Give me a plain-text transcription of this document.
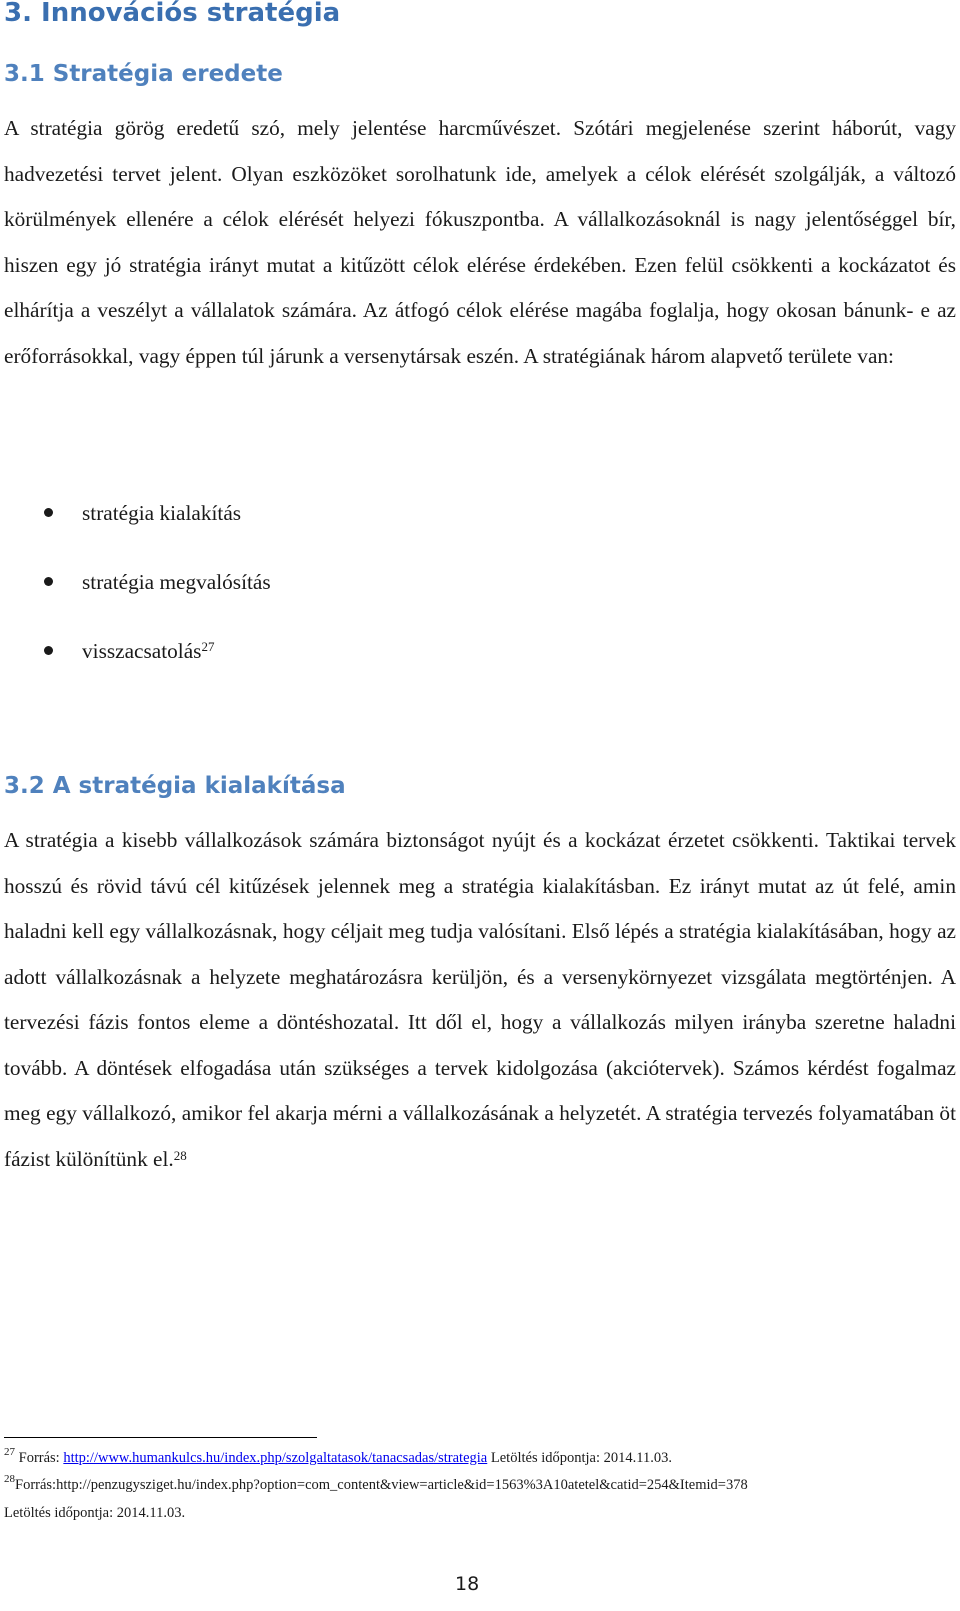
3. Innovációs stratégia
3.1 Stratégia eredete

A stratégia görög eredetű szó, mely jelentése harcművészet. Szótári megjelenése szerint háborút, vagy hadvezetési tervet jelent. Olyan eszközöket sorolhatunk ide, amelyek a célok elérését szolgálják, a változó körülmények ellenére a célok elérését helyezi fókuszpontba. A vállalkozásoknál is nagy jelentőséggel bír, hiszen egy jó stratégia irányt mutat a kitűzött célok elérése érdekében. Ezen felül csökkenti a kockázatot és elhárítja a veszélyt a vállalatok számára. Az átfogó célok elérése magába foglalja, hogy okosan bánunk- e az erőforrásokkal, vagy éppen túl járunk a versenytársak eszén. A stratégiának három alapvető területe van:

stratégia kialakítás
stratégia megvalósítás
visszacsatolás$^{27}$
3.2 A stratégia kialakítása

A stratégia a kisebb vállalkozások számára biztonságot nyújt és a kockázat érzetet csökkenti. Taktikai tervek hosszú és rövid távú cél kitűzések jelennek meg a stratégia kialakításban. Ez irányt mutat az út felé, amin haladni kell egy vállalkozásnak, hogy céljait meg tudja valósítani. Első lépés a stratégia kialakításában, hogy az adott vállalkozásnak a helyzete meghatározásra kerüljön, és a versenykörnyezet vizsgálata megtörténjen. A tervezési fázis fontos eleme a döntéshozatal. Itt dől el, hogy a vállalkozás milyen irányba szeretne haladni tovább. A döntések elfogadása után szükséges a tervek kidolgozása (akciótervek). Számos kérdést fogalmaz meg egy vállalkozó, amikor fel akarja mérni a vállalkozásának a helyzetét. A stratégia tervezés folyamatában öt fázist különítünk el.$^{28}$

$^{27}$ Forrás: http://www.humankulcs.hu/index.php/szolgaltatasok/tanacsadas/strategia Letöltés időpontja: 2014.11.03.
$^{28}$Forrás:http://penzugysziget.hu/index.php?option=com_content&view=article&id=1563%3A10atetel&catid=254&Itemid=378
Letöltés időpontja: 2014.11.03.
18
